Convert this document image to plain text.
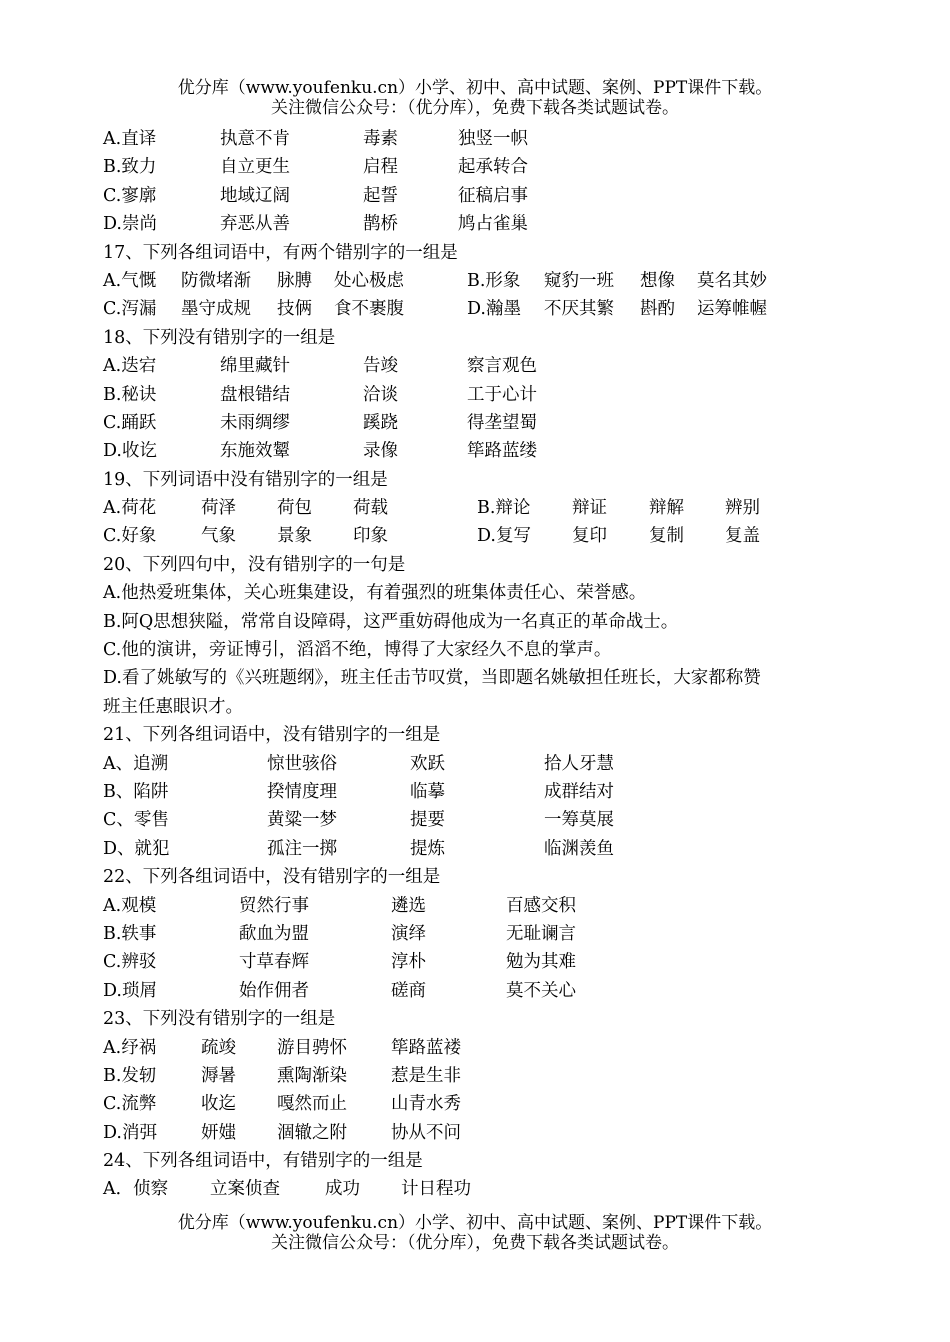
优分库（www.youfenku.cn）小学、初中、高中试题、案例、PPT课件下载。
关注微信公众号：（优分库），免费下载各类试题试卷。
A.直译	执意不肯	毒素	独竖一帜
B.致力	自立更生	启程	起承转合
C.寥廓	地域辽阔	起誓	征稿启事
D.崇尚	弃恶从善	鹊桥	鸠占雀巢
17、下列各组词语中，有两个错别字的一组是
A.气慨 防微堵渐 脉膊 处心极虑	B.形象 窥豹一班 想像 莫名其妙
C.泻漏 墨守成规 技俩 食不裹腹	D.瀚墨 不厌其繁 斟酌 运筹帷幄
18、下列没有错别字的一组是
A.迭宕	绵里藏针	告竣	察言观色
B.秘诀	盘根错结	洽谈	工于心计
C.踊跃	未雨绸缪	蹊跷	得垄望蜀
D.收讫	东施效颦	录像	筚路蓝缕
19、下列词语中没有错别字的一组是
A.荷花	荷泽 荷包 荷载	B.辩论 辩证 辩解 辨别
C.好象	气象 景象 印象	D.复写 复印 复制 复盖
20、下列四句中，没有错别字的一句是
A.他热爱班集体，关心班集建设，有着强烈的班集体责任心、荣誉感。
B.阿Q思想狭隘，常常自设障碍，这严重妨碍他成为一名真正的革命战士。
C.他的演讲，旁证博引，滔滔不绝，博得了大家经久不息的掌声。
D.看了姚敏写的《兴班题纲》，班主任击节叹赏，当即题名姚敏担任班长，大家都称赞
班主任惠眼识才。
21、下列各组词语中，没有错别字的一组是
A、追溯	惊世骇俗	欢跃	拾人牙慧
B、陷阱	揆情度理	临摹	成群结对
C、零售	黄粱一梦	提要	一筹莫展
D、就犯	孤注一掷	提炼	临渊羡鱼
22、下列各组词语中，没有错别字的一组是
A.观模	贸然行事	遴选	百感交积
B.轶事	歃血为盟	演绎	无耻谰言
C.辨驳	寸草春辉	淳朴	勉为其难
D.琐屑	始作佣者	磋商	莫不关心
23、下列没有错别字的一组是
A.纾祸	疏竣 游目骋怀	筚路蓝褛
B.发轫	溽暑 熏陶渐染	惹是生非
C.流弊	收迄 嘎然而止	山青水秀
D.消弭	妍媸 涸辙之附	协从不问
24、下列各组词语中，有错别字的一组是
A．侦察 立案侦查	成功 计日程功
优分库（www.youfenku.cn）小学、初中、高中试题、案例、PPT课件下载。
关注微信公众号：（优分库），免费下载各类试题试卷。
